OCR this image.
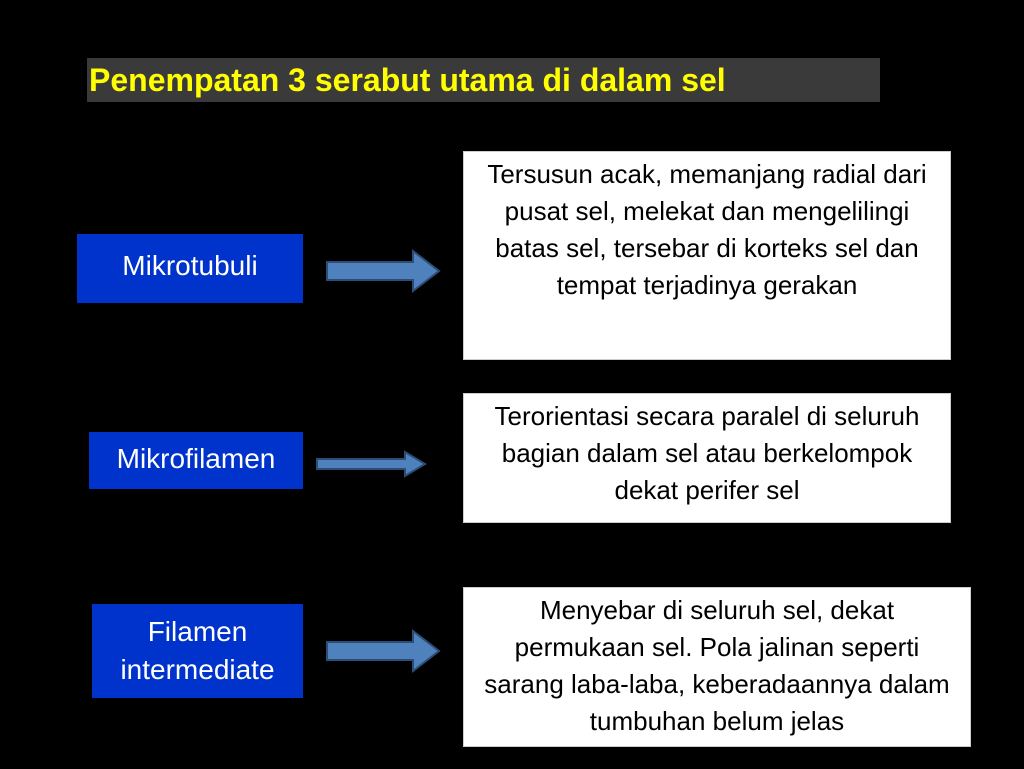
Penempatan 3 serabut utama di dalam sel
Mikrotubuli
Tersusun acak, memanjang radial dari pusat sel, melekat dan mengelilingi batas sel, tersebar di korteks sel dan tempat terjadinya gerakan
Mikrofilamen
Terorientasi secara paralel di seluruh bagian dalam sel atau berkelompok dekat perifer sel
Filamen intermediate
Menyebar di seluruh sel, dekat permukaan sel. Pola jalinan seperti sarang laba-laba, keberadaannya dalam tumbuhan belum jelas
